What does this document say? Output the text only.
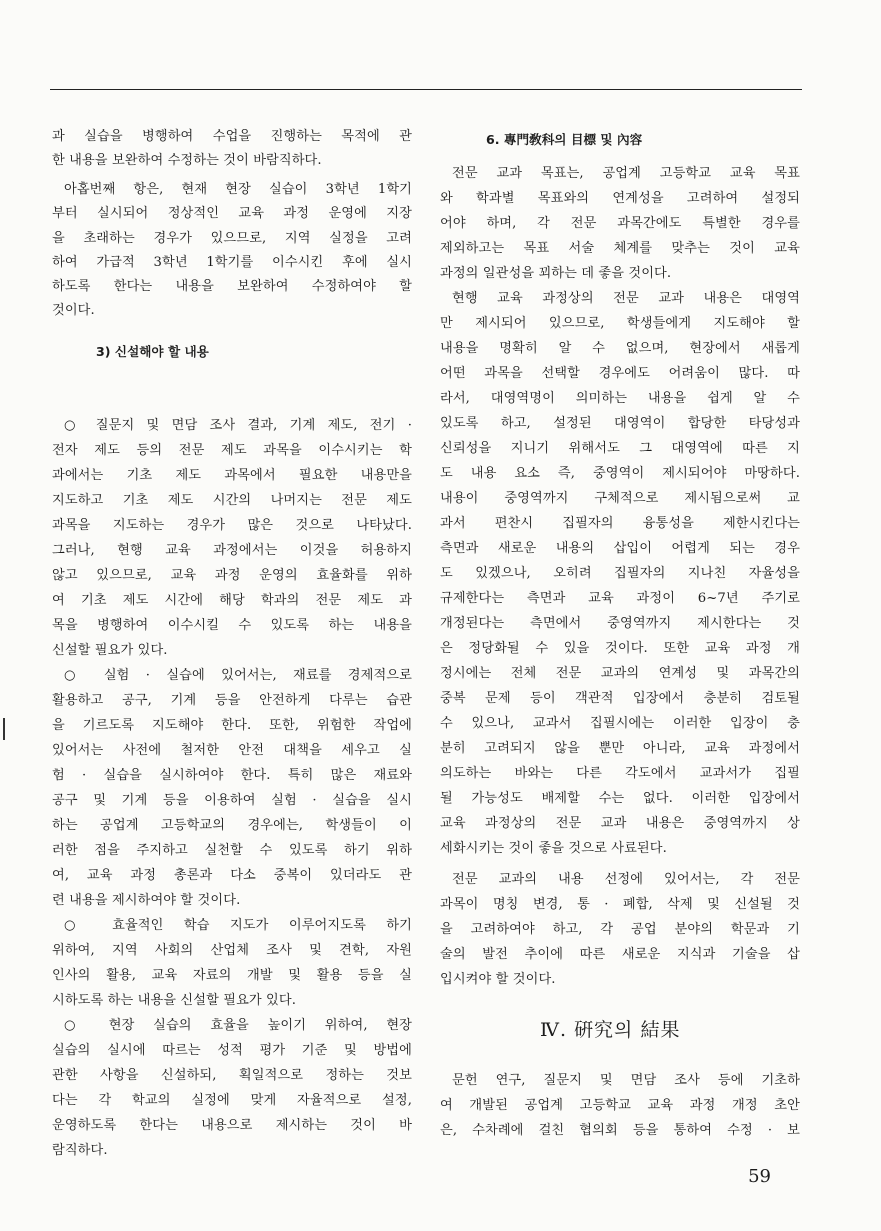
과 실습을 병행하여 수업을 진행하는 목적에 관
한 내용을 보완하여 수정하는 것이 바람직하다.
아홉번째 항은, 현재 현장 실습이 3학년 1학기
부터 실시되어 정상적인 교육 과정 운영에 지장
을 초래하는 경우가 있으므로, 지역 실정을 고려
하여 가급적 3학년 1학기를 이수시킨 후에 실시
하도록 한다는 내용을 보완하여 수정하여야 할
것이다.
3) 신설해야 할 내용
○ 질문지 및 면담 조사 결과, 기계 제도, 전기 ·
전자 제도 등의 전문 제도 과목을 이수시키는 학
과에서는 기초 제도 과목에서 필요한 내용만을
지도하고 기초 제도 시간의 나머지는 전문 제도
과목을 지도하는 경우가 많은 것으로 나타났다.
그러나, 현행 교육 과정에서는 이것을 허용하지
않고 있으므로, 교육 과정 운영의 효율화를 위하
여 기초 제도 시간에 해당 학과의 전문 제도 과
목을 병행하여 이수시킬 수 있도록 하는 내용을
신설할 필요가 있다.
○ 실험 · 실습에 있어서는, 재료를 경제적으로
활용하고 공구, 기계 등을 안전하게 다루는 습관
을 기르도록 지도해야 한다. 또한, 위험한 작업에
있어서는 사전에 철저한 안전 대책을 세우고 실
험 · 실습을 실시하여야 한다. 특히 많은 재료와
공구 및 기계 등을 이용하여 실험 · 실습을 실시
하는 공업계 고등학교의 경우에는, 학생들이 이
러한 점을 주지하고 실천할 수 있도록 하기 위하
여, 교육 과정 총론과 다소 중복이 있더라도 관
련 내용을 제시하여야 할 것이다.
○ 효율적인 학습 지도가 이루어지도록 하기
위하여, 지역 사회의 산업체 조사 및 견학, 자원
인사의 활용, 교육 자료의 개발 및 활용 등을 실
시하도록 하는 내용을 신설할 필요가 있다.
○ 현장 실습의 효율을 높이기 위하여, 현장
실습의 실시에 따르는 성적 평가 기준 및 방법에
관한 사항을 신설하되, 획일적으로 정하는 것보
다는 각 학교의 실정에 맞게 자율적으로 설정,
운영하도록 한다는 내용으로 제시하는 것이 바
람직하다.
6. 專門敎科의 目標 및 內容
전문 교과 목표는, 공업계 고등학교 교육 목표
와 학과별 목표와의 연계성을 고려하여 설정되
어야 하며, 각 전문 과목간에도 특별한 경우를
제외하고는 목표 서술 체계를 맞추는 것이 교육
과정의 일관성을 꾀하는 데 좋을 것이다.
현행 교육 과정상의 전문 교과 내용은 대영역
만 제시되어 있으므로, 학생들에게 지도해야 할
내용을 명확히 알 수 없으며, 현장에서 새롭게
어떤 과목을 선택할 경우에도 어려움이 많다. 따
라서, 대영역명이 의미하는 내용을 쉽게 알 수
있도록 하고, 설정된 대영역이 합당한 타당성과
신뢰성을 지니기 위해서도 그 대영역에 따른 지
도 내용 요소 즉, 중영역이 제시되어야 마땅하다.
내용이 중영역까지 구체적으로 제시됨으로써 교
과서 편찬시 집필자의 융통성을 제한시킨다는
측면과 새로운 내용의 삽입이 어렵게 되는 경우
도 있겠으나, 오히려 집필자의 지나친 자율성을
규제한다는 측면과 교육 과정이 6~7년 주기로
개정된다는 측면에서 중영역까지 제시한다는 것
은 정당화될 수 있을 것이다. 또한 교육 과정 개
정시에는 전체 전문 교과의 연계성 및 과목간의
중복 문제 등이 객관적 입장에서 충분히 검토될
수 있으나, 교과서 집필시에는 이러한 입장이 충
분히 고려되지 않을 뿐만 아니라, 교육 과정에서
의도하는 바와는 다른 각도에서 교과서가 집필
될 가능성도 배제할 수는 없다. 이러한 입장에서
교육 과정상의 전문 교과 내용은 중영역까지 상
세화시키는 것이 좋을 것으로 사료된다.
전문 교과의 내용 선정에 있어서는, 각 전문
과목이 명칭 변경, 통 · 폐합, 삭제 및 신설될 것
을 고려하여야 하고, 각 공업 분야의 학문과 기
술의 발전 추이에 따른 새로운 지식과 기술을 삽
입시켜야 할 것이다.
Ⅳ. 硏究의 結果
문헌 연구, 질문지 및 면담 조사 등에 기초하
여 개발된 공업계 고등학교 교육 과정 개정 초안
은, 수차례에 걸친 협의회 등을 통하여 수정 · 보
59
